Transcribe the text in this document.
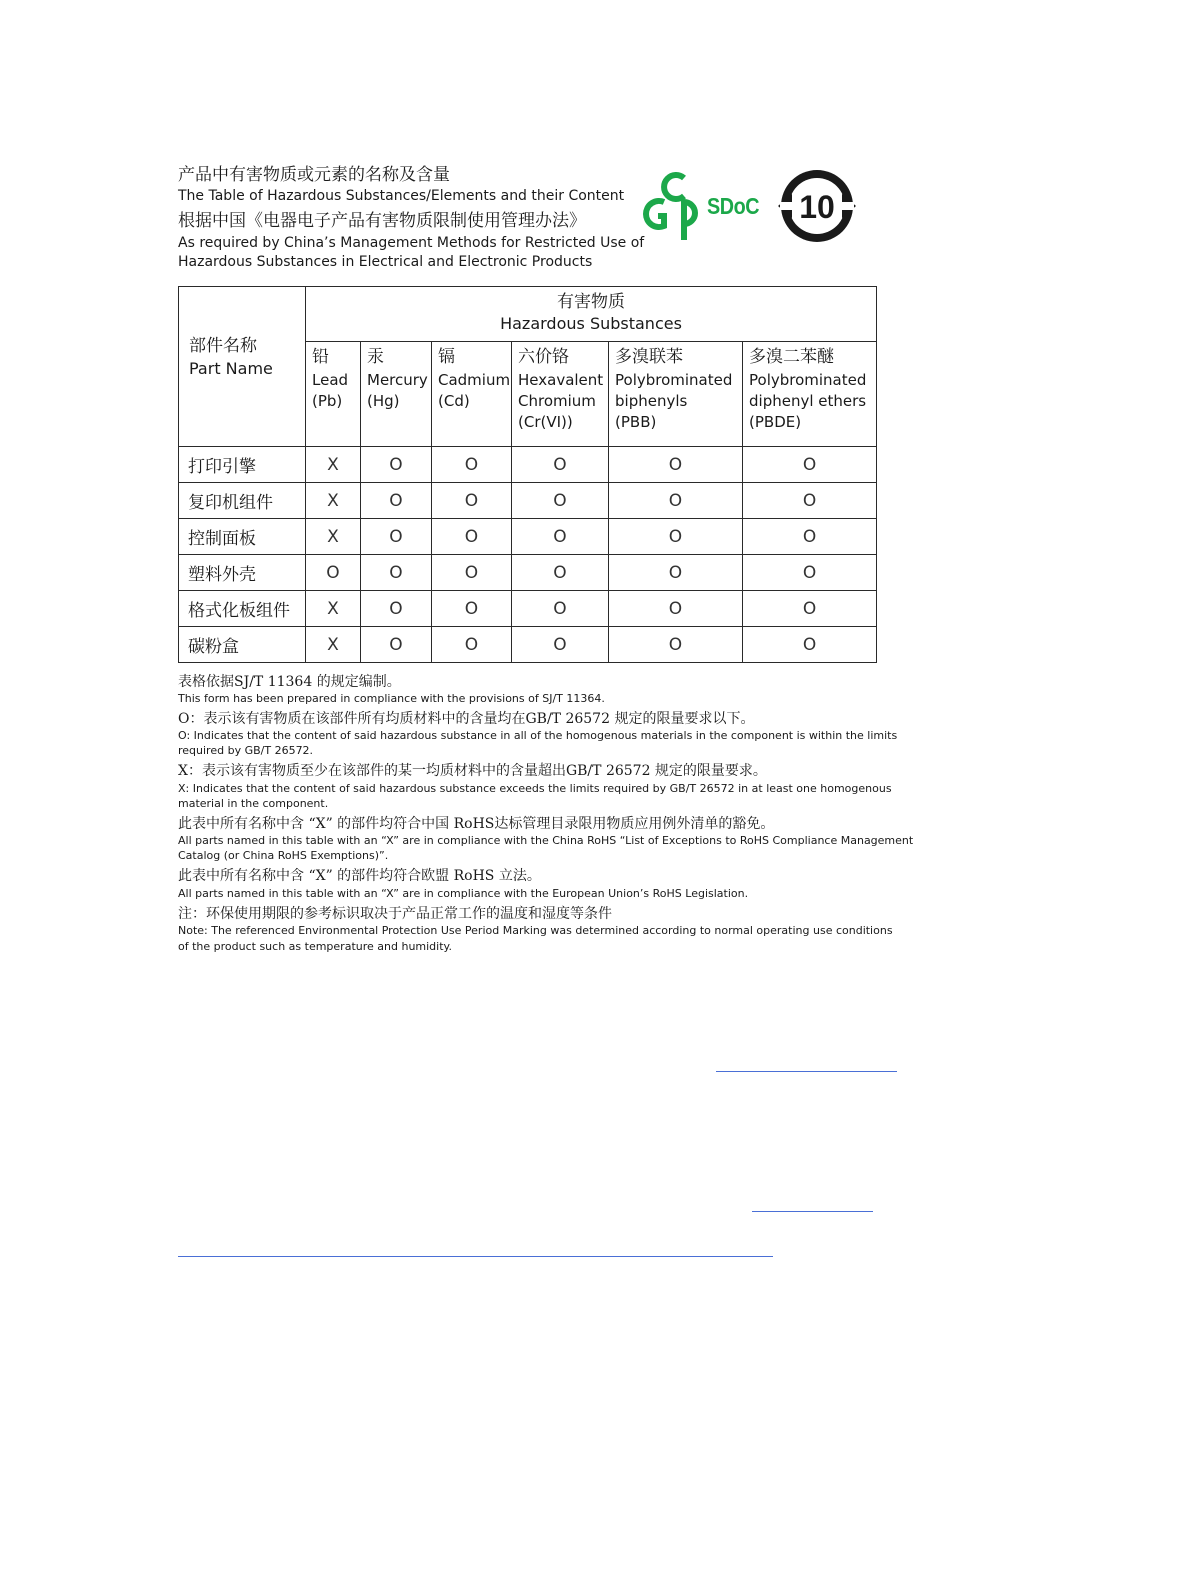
产品中有害物质或元素的名称及含量
The Table of Hazardous Substances/Elements and their Content
根据中国《电器电子产品有害物质限制使用管理办法》
As required by China’s Management Methods for Restricted Use of
Hazardous Substances in Electrical and Electronic Products
SDoC 10
部件名称
Part Name	有害物质
Hazardous Substances					

	铅
Lead
(Pb)	汞
Mercury
(Hg)	镉
Cadmium
(Cd)	六价铬
Hexavalent
Chromium
(Cr(VI))	多溴联苯
Polybrominated
biphenyls
(PBB)	多溴二苯醚
Polybrominated
diphenyl ethers
(PBDE)

打印引擎	X	O	O	O	O	O
复印机组件	X	O	O	O	O	O
控制面板	X	O	O	O	O	O
塑料外壳	O	O	O	O	O	O
格式化板组件	X	O	O	O	O	O
碳粉盒	X	O	O	O	O	O
表格依据SJ/T 11364 的规定编制。
This form has been prepared in compliance with the provisions of SJ/T 11364.
O：表示该有害物质在该部件所有均质材料中的含量均在GB/T 26572 规定的限量要求以下。
O: Indicates that the content of said hazardous substance in all of the homogenous materials in the component is within the limits
required by GB/T 26572.
X：表示该有害物质至少在该部件的某一均质材料中的含量超出GB/T 26572 规定的限量要求。
X: Indicates that the content of said hazardous substance exceeds the limits required by GB/T 26572 in at least one homogenous
material in the component.
此表中所有名称中含 “X” 的部件均符合中国 RoHS达标管理目录限用物质应用例外清单的豁免。
All parts named in this table with an “X” are in compliance with the China RoHS “List of Exceptions to RoHS Compliance Management
Catalog (or China RoHS Exemptions)”.
此表中所有名称中含 “X” 的部件均符合欧盟 RoHS 立法。
All parts named in this table with an “X” are in compliance with the European Union’s RoHS Legislation.
注：环保使用期限的参考标识取决于产品正常工作的温度和湿度等条件
Note: The referenced Environmental Protection Use Period Marking was determined according to normal operating use conditions
of the product such as temperature and humidity.
